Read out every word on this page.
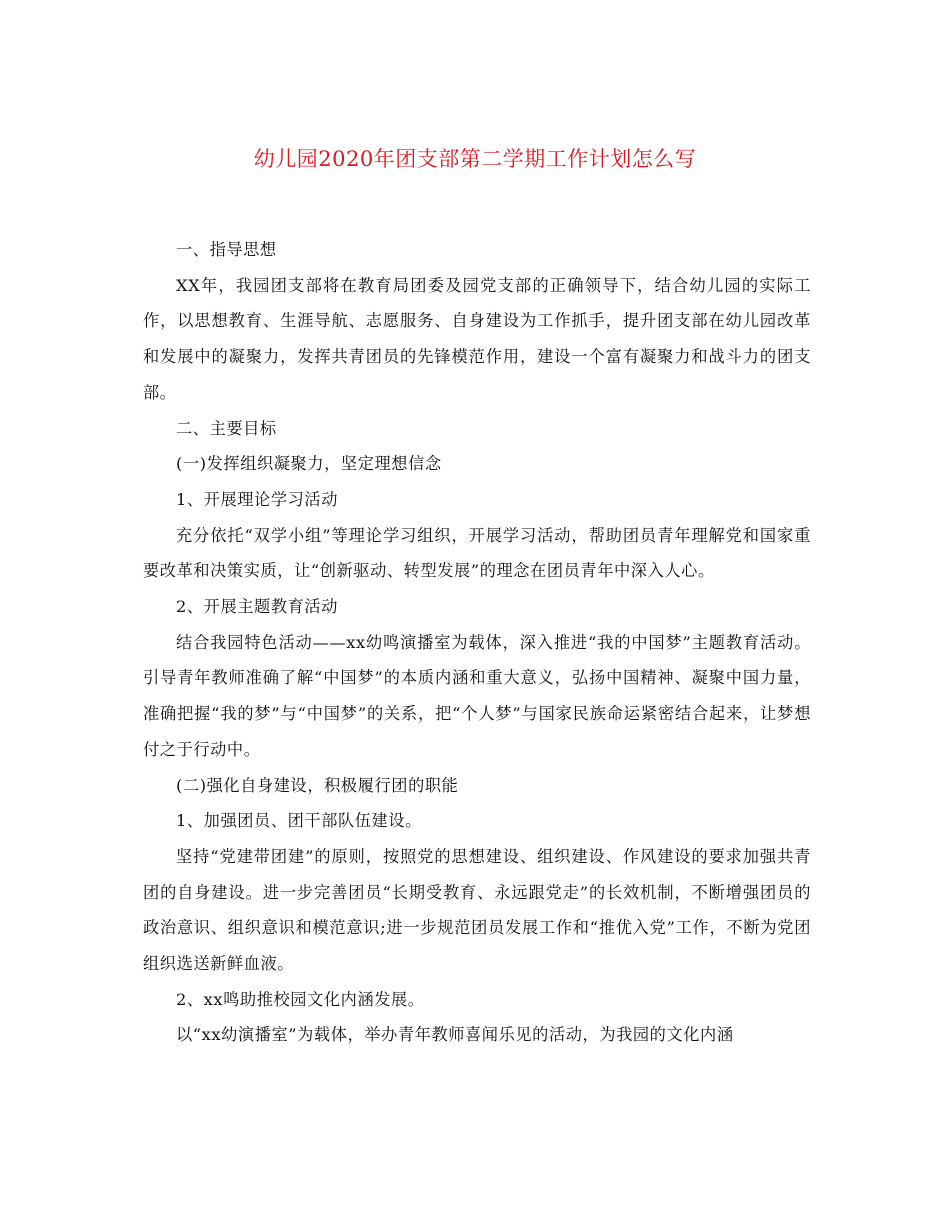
幼儿园2020年团支部第二学期工作计划怎么写

一、指导思想

XX年，我园团支部将在教育局团委及园党支部的正确领导下，结合幼儿园的实际工作，以思想教育、生涯导航、志愿服务、自身建设为工作抓手，提升团支部在幼儿园改革和发展中的凝聚力，发挥共青团员的先锋模范作用，建设一个富有凝聚力和战斗力的团支部。

二、主要目标

(一)发挥组织凝聚力，坚定理想信念

1、开展理论学习活动

充分依托“双学小组”等理论学习组织，开展学习活动，帮助团员青年理解党和国家重要改革和决策实质，让“创新驱动、转型发展”的理念在团员青年中深入人心。

2、开展主题教育活动

结合我园特色活动——xx幼鸣演播室为载体，深入推进“我的中国梦”主题教育活动。引导青年教师准确了解“中国梦”的本质内涵和重大意义，弘扬中国精神、凝聚中国力量，准确把握“我的梦”与“中国梦”的关系，把“个人梦”与国家民族命运紧密结合起来，让梦想付之于行动中。

(二)强化自身建设，积极履行团的职能

1、加强团员、团干部队伍建设。

坚持“党建带团建”的原则，按照党的思想建设、组织建设、作风建设的要求加强共青团的自身建设。进一步完善团员“长期受教育、永远跟党走”的长效机制，不断增强团员的政治意识、组织意识和模范意识;进一步规范团员发展工作和“推优入党”工作，不断为党团组织选送新鲜血液。

2、xx鸣助推校园文化内涵发展。

以“xx幼演播室”为载体，举办青年教师喜闻乐见的活动，为我园的文化内涵
